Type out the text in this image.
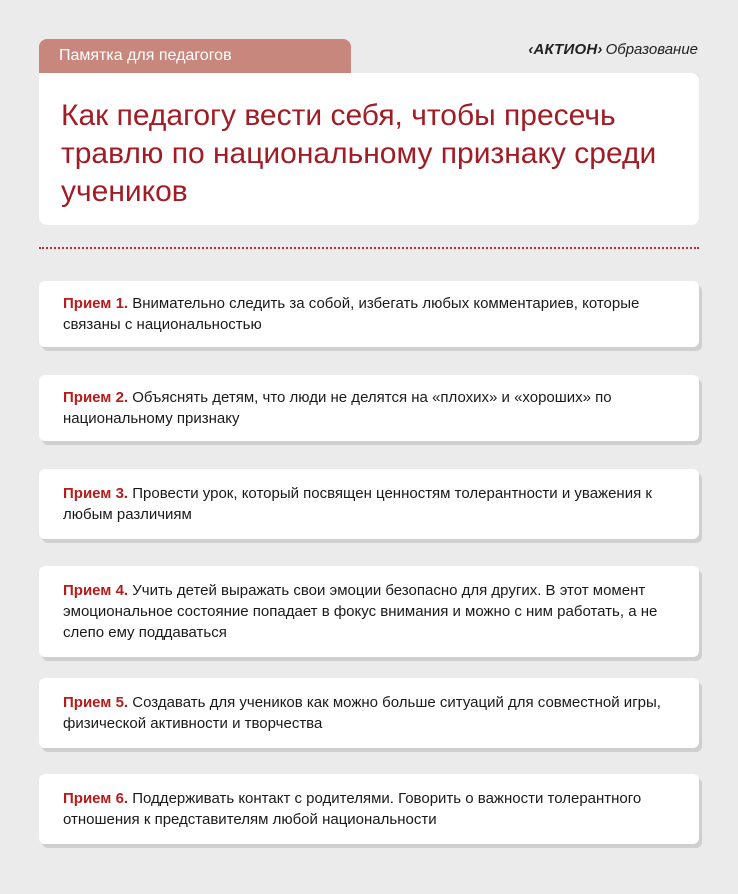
Памятка для педагогов	‹АКТИОН› Образование
Как педагогу вести себя, чтобы пресечь травлю по национальному признаку среди учеников

Прием 1. Внимательно следить за собой, избегать любых комментариев, которые связаны с национальностью

Прием 2. Объяснять детям, что люди не делятся на «плохих» и «хороших» по национальному признаку

Прием 3. Провести урок, который посвящен ценностям толерантности и уважения к любым различиям

Прием 4. Учить детей выражать свои эмоции безопасно для других. В этот момент эмоциональное состояние попадает в фокус внимания и можно с ним работать, а не слепо ему поддаваться

Прием 5. Создавать для учеников как можно больше ситуаций для совместной игры, физической активности и творчества

Прием 6. Поддерживать контакт с родителями. Говорить о важности толерантного отношения к представителям любой национальности
